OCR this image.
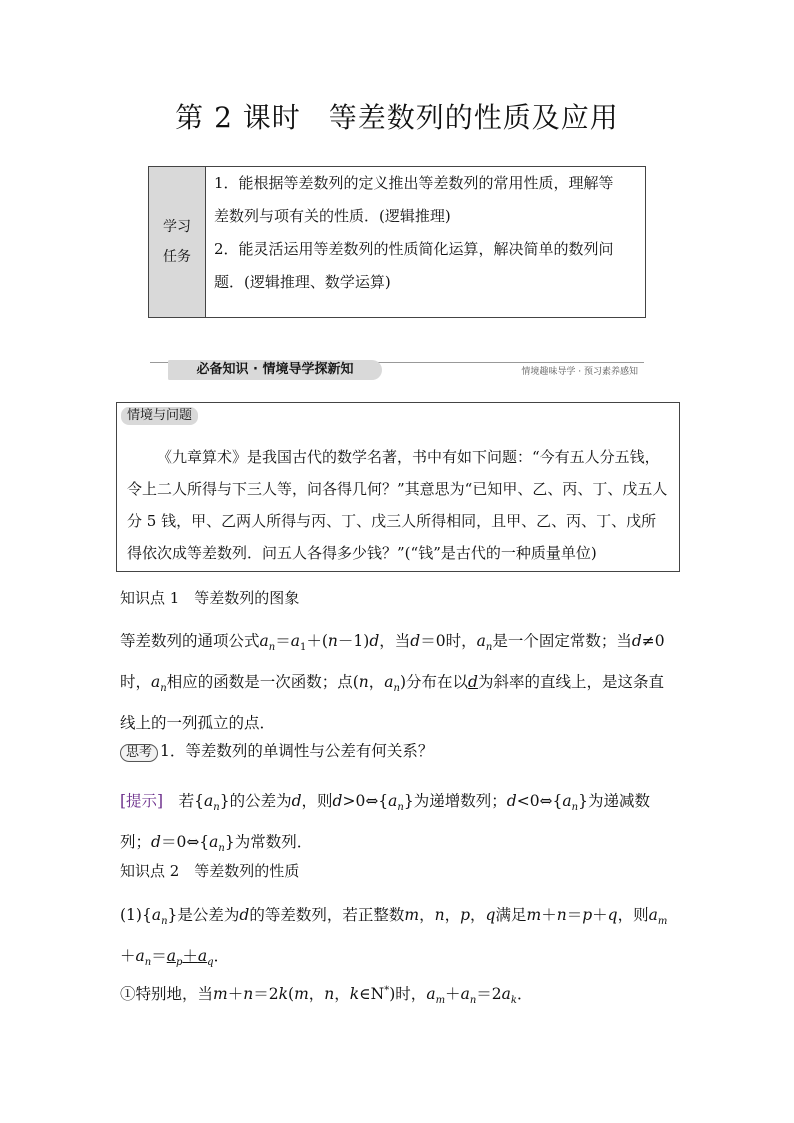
第 2 课时 等差数列的性质及应用
学习
任务

1．能根据等差数列的定义推出等差数列的常用性质，理解等

差数列与项有关的性质．(逻辑推理)

2．能灵活运用等差数列的性质简化运算，解决简单的数列问

题．(逻辑推理、数学运算)

必备知识 · 情境导学探新知	情境趣味导学 · 预习素养感知
情境与问题
《九章算术》是我国古代的数学名著，书中有如下问题：“今有五人分五钱，令上二人所得与下三人等，问各得几何？”其意思为“已知甲、乙、丙、丁、戊五人分 5 钱，甲、乙两人所得与丙、丁、戊三人所得相同，且甲、乙、丙、丁、戊所得依次成等差数列．问五人各得多少钱？”(“钱”是古代的一种质量单位)
知识点 1　等差数列的图象
等差数列的通项公式$a_n=a_1+(n-1)d$，当d＝0时，$a_n$是一个固定常数；当d≠0时，$a_n$相应的函数是一次函数；点(n，$a_n$)分布在以d为斜率的直线上，是这条直线上的一列孤立的点．
思考 1．等差数列的单调性与公差有何关系？
[提示]　 若$\{a_n\}$的公差为d，则$d>0\Leftrightarrow\{a_n\}$为递增数列；$d<0\Leftrightarrow\{a_n\}$为递减数列；$d=0\Leftrightarrow\{a_n\}$为常数列．
知识点 2　等差数列的性质
$(1)\{a_n\}$是公差为d的等差数列，若正整数m，n，p，q满足m＋n＝p＋q，则$a_m+a_n=a_p+a_q$．
①特别地，当m＋n＝2k(m，n，k∈N*)时，$a_m+a_n=2a_k$．
